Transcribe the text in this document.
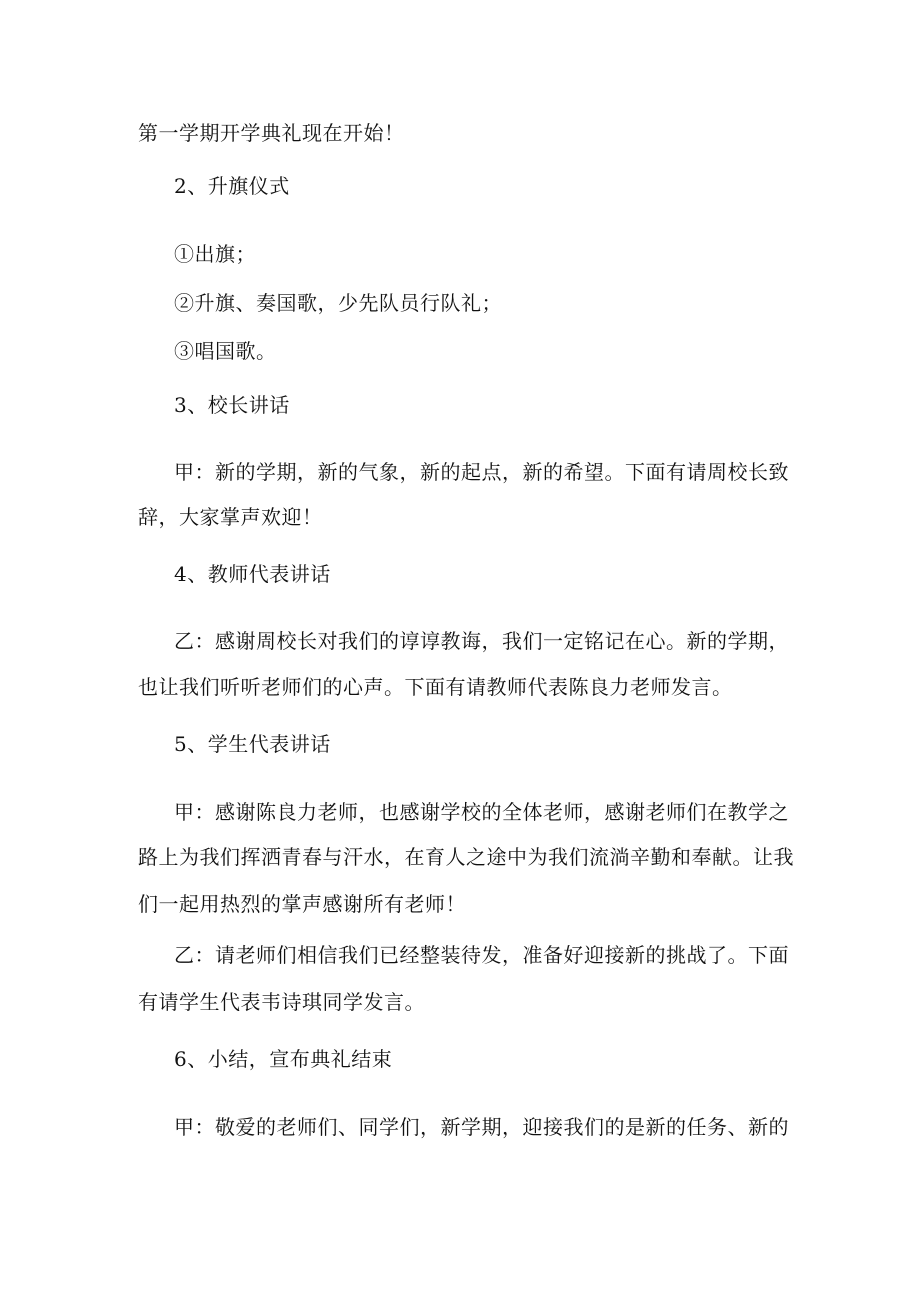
第一学期开学典礼现在开始！
2、升旗仪式
①出旗；
②升旗、奏国歌，少先队员行队礼；
③唱国歌。
3、校长讲话
甲：新的学期，新的气象，新的起点，新的希望。下面有请周校长致
辞，大家掌声欢迎！
4、教师代表讲话
乙：感谢周校长对我们的谆谆教诲，我们一定铭记在心。新的学期，
也让我们听听老师们的心声。下面有请教师代表陈良力老师发言。
5、学生代表讲话
甲：感谢陈良力老师，也感谢学校的全体老师，感谢老师们在教学之
路上为我们挥洒青春与汗水，在育人之途中为我们流淌辛勤和奉献。让我
们一起用热烈的掌声感谢所有老师！
乙：请老师们相信我们已经整装待发，准备好迎接新的挑战了。下面
有请学生代表韦诗琪同学发言。
6、小结，宣布典礼结束
甲：敬爱的老师们、同学们，新学期，迎接我们的是新的任务、新的
